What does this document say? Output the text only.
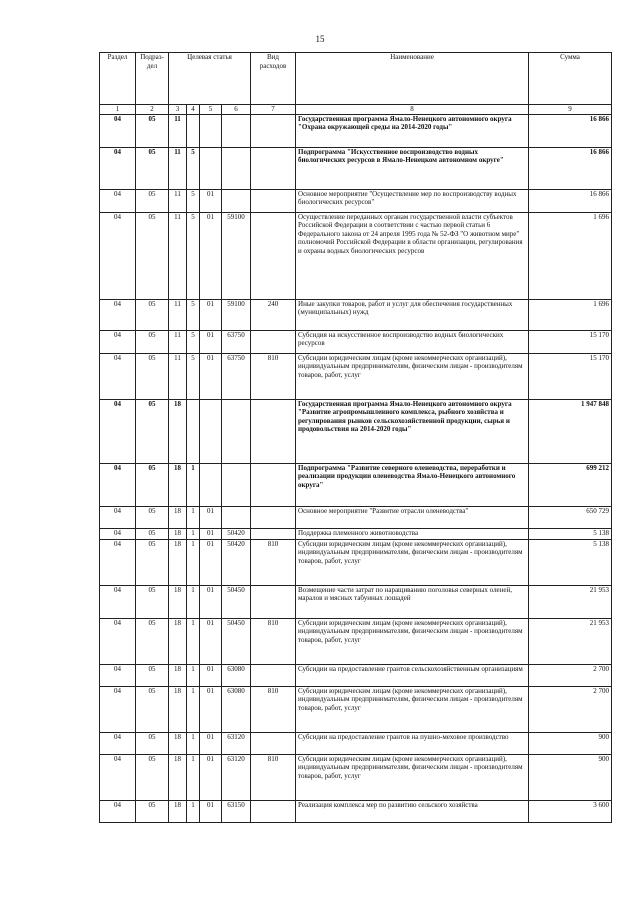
15
Раздел	Подраз-дел	Целевая статья				Вид расходов	Наименование	Сумма
1	2	3	4	5	6	7	8	9
04	05	11					Государственная программа Ямало-Ненецкого автономного округа "Охрана окружающей среды на 2014-2020 годы"	16 866
04	05	11	5				Подпрограмма "Искусственное воспроизводство водных биологических ресурсов в Ямало-Ненецком автономном округе"	16 866
04	05	11	5	01			Основное мероприятие "Осуществление мер по воспроизводству водных биологических ресурсов"	16 866
04	05	11	5	01	59100		Осуществление переданных органам государственной власти субъектов Российской Федерации в соответствии с частью первой статьи 6 Федерального закона от 24 апреля 1995 года № 52-ФЗ "О животном мире" полномочий Российской Федерации в области организации, регулирования и охраны водных биологических ресурсов	1 696
04	05	11	5	01	59100	240	Иные закупки товаров, работ и услуг для обеспечения государственных (муниципальных) нужд	1 696
04	05	11	5	01	63750		Субсидия на искусственное воспроизводство водных биологических ресурсов	15 170
04	05	11	5	01	63750	810	Субсидии юридическим лицам (кроме некоммерческих организаций), индивидуальным предпринимателям, физическим лицам - производителям товаров, работ, услуг	15 170
04	05	18					Государственная программа Ямало-Ненецкого автономного округа "Развитие агропромышленного комплекса, рыбного хозяйства и регулирования рынков сельскохозяйственной продукции, сырья и продовольствия на 2014-2020 годы"	1 947 848
04	05	18	1				Подпрограмма "Развитие северного оленеводства, переработки и реализации продукции оленеводства Ямало-Ненецкого автономного округа"	699 212
04	05	18	1	01			Основное мероприятие "Развитие отрасли оленеводства"	650 729
04	05	18	1	01	50420		Поддержка племенного животноводства	5 138
04	05	18	1	01	50420	810	Субсидии юридическим лицам (кроме некоммерческих организаций), индивидуальным предпринимателям, физическим лицам - производителям товаров, работ, услуг	5 138
04	05	18	1	01	50450		Возмещение части затрат по наращиванию поголовья северных оленей, маралов и мясных табунных лошадей	21 953
04	05	18	1	01	50450	810	Субсидии юридическим лицам (кроме некоммерческих организаций), индивидуальным предпринимателям, физическим лицам - производителям товаров, работ, услуг	21 953
04	05	18	1	01	63080		Субсидии на предоставление грантов сельскохозяйственным организациям	2 700
04	05	18	1	01	63080	810	Субсидии юридическим лицам (кроме некоммерческих организаций), индивидуальным предпринимателям, физическим лицам - производителям товаров, работ, услуг	2 700
04	05	18	1	01	63120		Субсидии на предоставление грантов на пушно-меховое производство	900
04	05	18	1	01	63120	810	Субсидии юридическим лицам (кроме некоммерческих организаций), индивидуальным предпринимателям, физическим лицам - производителям товаров, работ, услуг	900
04	05	18	1	01	63150		Реализация комплекса мер по развитию сельского хозяйства	3 600
